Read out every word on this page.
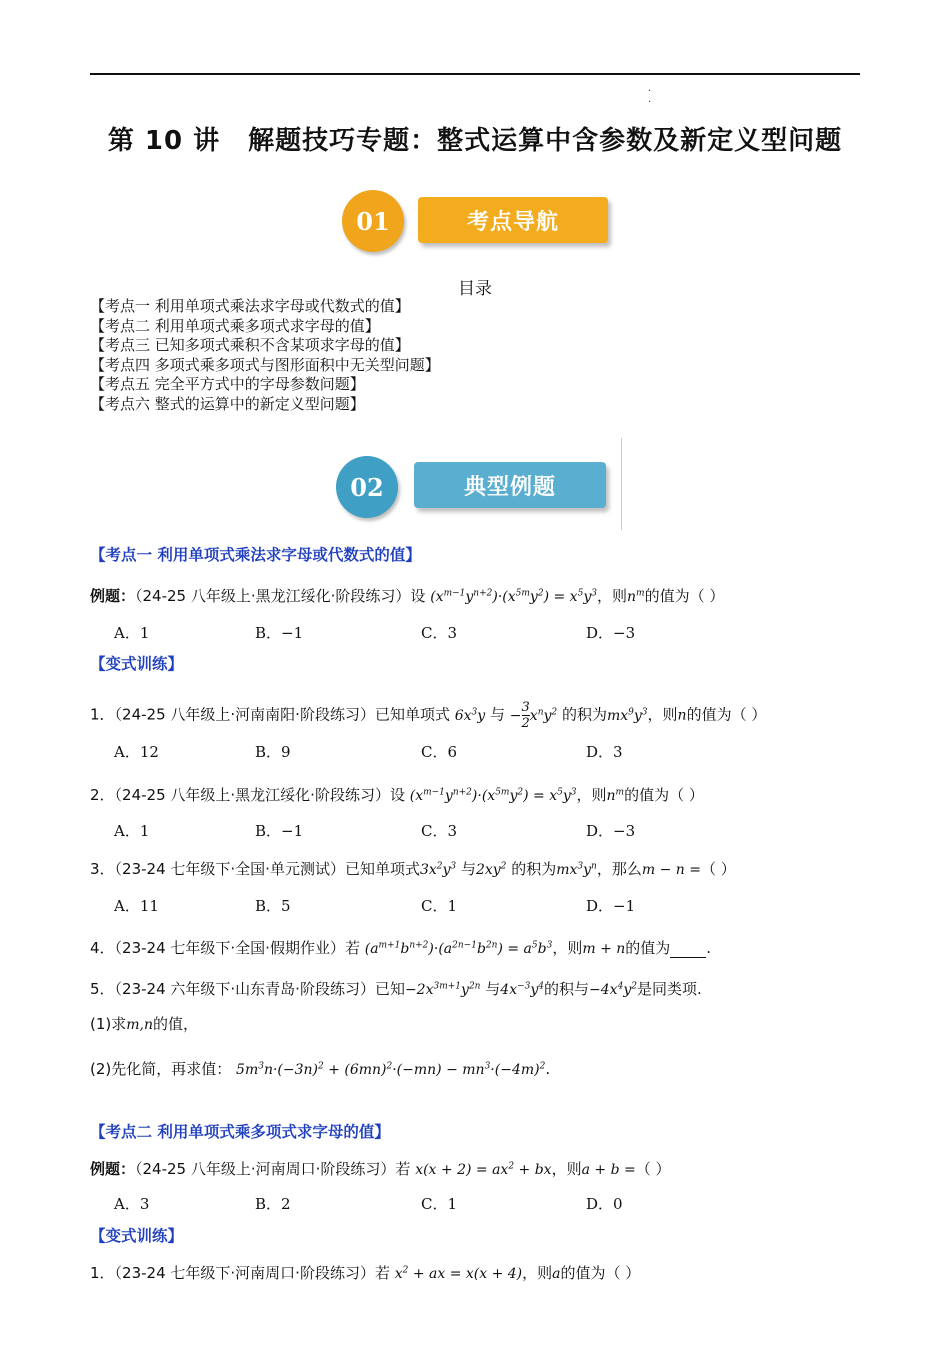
·
·
第 10 讲 解题技巧专题：整式运算中含参数及新定义型问题
01	考点导航
目录
【考点一 利用单项式乘法求字母或代数式的值】
【考点二 利用单项式乘多项式求字母的值】
【考点三 已知多项式乘积不含某项求字母的值】
【考点四 多项式乘多项式与图形面积中无关型问题】
【考点五 完全平方式中的字母参数问题】
【考点六 整式的运算中的新定义型问题】
02	典型例题
【考点一 利用单项式乘法求字母或代数式的值】
例题：（24-25 八年级上·黑龙江绥化·阶段练习）设 $(x^{m-1}y^{n+2})\cdot(x^{5m}y^2) = x^5y^3$，则$n^m$的值为（ ）
A．1	B．−1	C．3	D．−3
【变式训练】
1．（24-25 八年级上·河南南阳·阶段练习）已知单项式 $6x^3y$ 与 − $\frac{3}{2} x^ny^2$ 的积为$mx^9y^3$，则n的值为（ ）
A．12	B．9	C．6	D．3
2．（24-25 八年级上·黑龙江绥化·阶段练习）设 $(x^{m-1}y^{n+2})\cdot(x^{5m}y^2) = x^5y^3$，则$n^m$的值为（ ）
A．1	B．−1	C．3	D．−3
3．（23-24 七年级下·全国·单元测试）已知单项式$3x^2y^3$ 与$2xy^2$ 的积为$mx^3y^n$，那么m − n =（ ）
A．11	B．5	C．1	D．−1
4．（23-24 七年级下·全国·假期作业）若 $(a^{m+1}b^{n+2})\cdot(a^{2n-1}b^{2n}) = a^5b^3$，则m + n的值为 .
5．（23-24 六年级下·山东青岛·阶段练习）已知$-2x^{3m+1}y^{2n}$ 与$4x^{-3}y^4$的积与$-4x^4y^2$是同类项.
(1)求m,n的值，
(2)先化简，再求值： $5m^3n\cdot(-3n)^2 + (6mn)^2\cdot(-mn) - mn^3\cdot(-4m)^2$.
【考点二 利用单项式乘多项式求字母的值】
例题：（24-25 八年级上·河南周口·阶段练习）若 $x(x + 2) = ax^2$ + bx，则a + b =（ ）
A．3	B．2	C．1	D．0
【变式训练】
1．（23-24 七年级下·河南周口·阶段练习）若 $x^2$ + ax = x(x + 4)，则a的值为（ ）
